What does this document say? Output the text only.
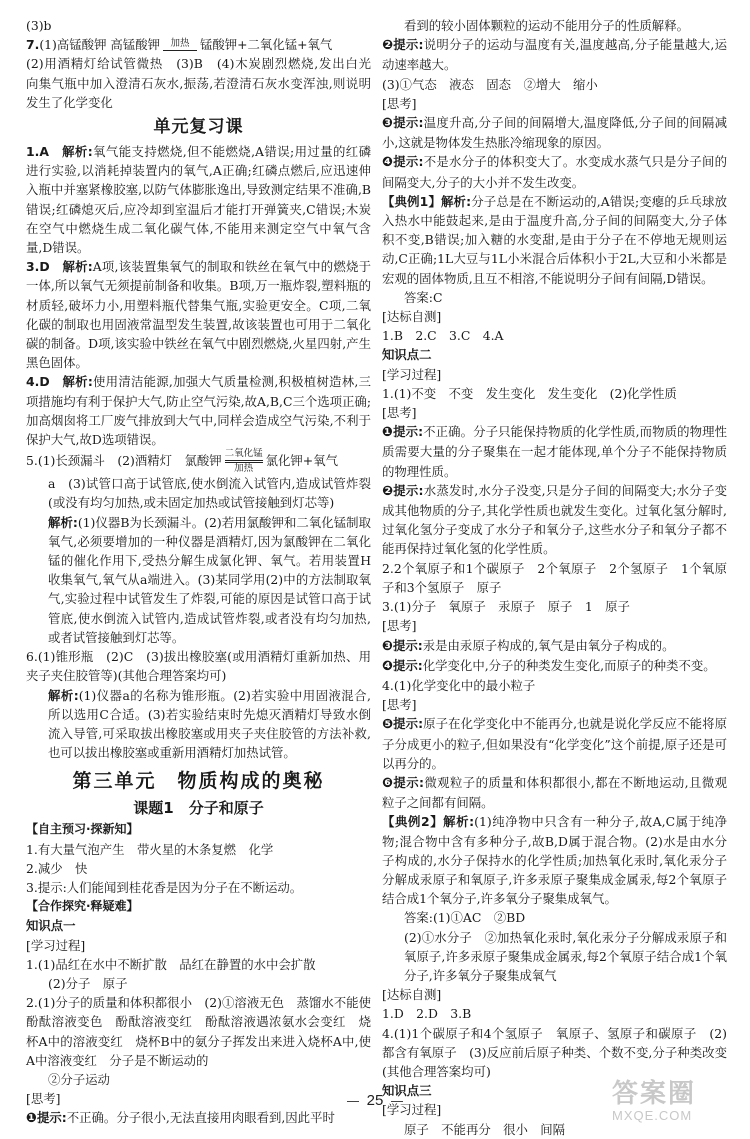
(3)b

7.(1)高锰酸钾 高锰酸钾 加热 锰酸钾+二氧化锰+氧气

(2)用酒精灯给试管微热　(3)B　(4)木炭剧烈燃烧,发出白光　向集气瓶中加入澄清石灰水,振荡,若澄清石灰水变浑浊,则说明发生了化学变化

单元复习课

1.A　解析:氧气能支持燃烧,但不能燃烧,A错误;用过量的红磷进行实验,以消耗掉装置内的氧气,A正确;红磷点燃后,应迅速伸入瓶中并塞紧橡胶塞,以防气体膨胀逸出,导致测定结果不准确,B错误;红磷熄灭后,应冷却到室温后才能打开弹簧夹,C错误;木炭在空气中燃烧生成二氧化碳气体,不能用来测定空气中氧气含量,D错误。

3.D　解析:A项,该装置集氧气的制取和铁丝在氧气中的燃烧于一体,所以氧气无须提前制备和收集。B项,万一瓶炸裂,塑料瓶的材质轻,破坏力小,用塑料瓶代替集气瓶,实验更安全。C项,二氧化碳的制取也用固液常温型发生装置,故该装置也可用于二氧化碳的制备。D项,该实验中铁丝在氧气中剧烈燃烧,火星四射,产生黑色固体。

4.D　解析:使用清洁能源,加强大气质量检测,积极植树造林,三项措施均有利于保护大气,防止空气污染,故A,B,C三个选项正确;加高烟囱将工厂废气排放到大气中,同样会造成空气污染,不利于保护大气,故D选项错误。

5.(1)长颈漏斗　(2)酒精灯　氯酸钾 二氧化锰
加热
氯化钾+氧气

a　(3)试管口高于试管底,使水倒流入试管内,造成试管炸裂(或没有均匀加热,或未固定加热或试管接触到灯芯等)

解析:(1)仪器B为长颈漏斗。(2)若用氯酸钾和二氧化锰制取氧气,必须要增加的一种仪器是酒精灯,因为氯酸钾在二氧化锰的催化作用下,受热分解生成氯化钾、氧气。若用装置H收集氧气,氧气从a端进入。(3)某同学用(2)中的方法制取氧气,实验过程中试管发生了炸裂,可能的原因是试管口高于试管底,使水倒流入试管内,造成试管炸裂,或者没有均匀加热,或者试管接触到灯芯等。

6.(1)锥形瓶　(2)C　(3)拔出橡胶塞(或用酒精灯重新加热、用夹子夹住胶管等)(其他合理答案均可)

解析:(1)仪器a的名称为锥形瓶。(2)若实验中用固液混合,所以选用C合适。(3)若实验结束时先熄灭酒精灯导致水倒流入导管,可采取拔出橡胶塞或用夹子夹住胶管的方法补救,也可以拔出橡胶塞或重新用酒精灯加热试管。

第三单元　物质构成的奥秘
课题1　分子和原子

【自主预习·探新知】

1.有大量气泡产生　带火星的木条复燃　化学

2.减少　快

3.提示:人们能闻到桂花香是因为分子在不断运动。

【合作探究·释疑难】

知识点一

[学习过程]

1.(1)品红在水中不断扩散　品红在静置的水中会扩散

(2)分子　原子

2.(1)分子的质量和体积都很小　(2)①溶液无色　蒸馏水不能使酚酞溶液变色　酚酞溶液变红　酚酞溶液遇浓氨水会变红　烧杯A中的溶液变红　烧杯B中的氨分子挥发出来进入烧杯A中,使A中溶液变红　分子是不断运动的

②分子运动

[思考]

❶提示:不正确。分子很小,无法直接用肉眼看到,因此平时

看到的较小固体颗粒的运动不能用分子的性质解释。

❷提示:说明分子的运动与温度有关,温度越高,分子能量越大,运动速率越大。

(3)①气态　液态　固态　②增大　缩小

[思考]

❸提示:温度升高,分子间的间隔增大,温度降低,分子间的间隔减小,这就是物体发生热胀冷缩现象的原因。

❹提示:不是水分子的体积变大了。水变成水蒸气只是分子间的间隔变大,分子的大小并不发生改变。

【典例1】解析:分子总是在不断运动的,A错误;变瘪的乒乓球放入热水中能鼓起来,是由于温度升高,分子间的间隔变大,分子体积不变,B错误;加入糖的水变甜,是由于分子在不停地无规则运动,C正确;1L大豆与1L小米混合后体积小于2L,大豆和小米都是宏观的固体物质,且互不相溶,不能说明分子间有间隔,D错误。

答案:C

[达标自测]

1.B　2.C　3.C　4.A

知识点二

[学习过程]

1.(1)不变　不变　发生变化　发生变化　(2)化学性质

[思考]

❶提示:不正确。分子只能保持物质的化学性质,而物质的物理性质需要大量的分子聚集在一起才能体现,单个分子不能保持物质的物理性质。

❷提示:水蒸发时,水分子没变,只是分子间的间隔变大;水分子变成其他物质的分子,其化学性质也就发生变化。过氧化氢分解时,过氧化氢分子变成了水分子和氧分子,这些水分子和氧分子都不能再保持过氧化氢的化学性质。

2.2个氧原子和1个碳原子　2个氧原子　2个氢原子　1个氧原子和3个氢原子　原子

3.(1)分子　氧原子　汞原子　原子　1　原子

[思考]

❸提示:汞是由汞原子构成的,氧气是由氧分子构成的。

❹提示:化学变化中,分子的种类发生变化,而原子的种类不变。

4.(1)化学变化中的最小粒子

[思考]

❺提示:原子在化学变化中不能再分,也就是说化学反应不能将原子分成更小的粒子,但如果没有“化学变化”这个前提,原子还是可以再分的。

❻提示:微观粒子的质量和体积都很小,都在不断地运动,且微观粒子之间都有间隔。

【典例2】解析:(1)纯净物中只含有一种分子,故A,C属于纯净物;混合物中含有多种分子,故B,D属于混合物。(2)水是由水分子构成的,水分子保持水的化学性质;加热氧化汞时,氧化汞分子分解成汞原子和氧原子,许多汞原子聚集成金属汞,每2个氧原子结合成1个氧分子,许多氧分子聚集成氧气。

答案:(1)①AC　②BD

(2)①水分子　②加热氧化汞时,氧化汞分子分解成汞原子和氧原子,许多汞原子聚集成金属汞,每2个氧原子结合成1个氧分子,许多氧分子聚集成氧气

[达标自测]

1.D　2.D　3.B

4.(1)1个碳原子和4个氢原子　氧原子、氢原子和碳原子　(2)都含有氧原子　(3)反应前后原子种类、个数不变,分子种类改变(其他合理答案均可)

知识点三

[学习过程]

原子　不能再分　很小　间隔

25	答案圈
MXQE.COM
